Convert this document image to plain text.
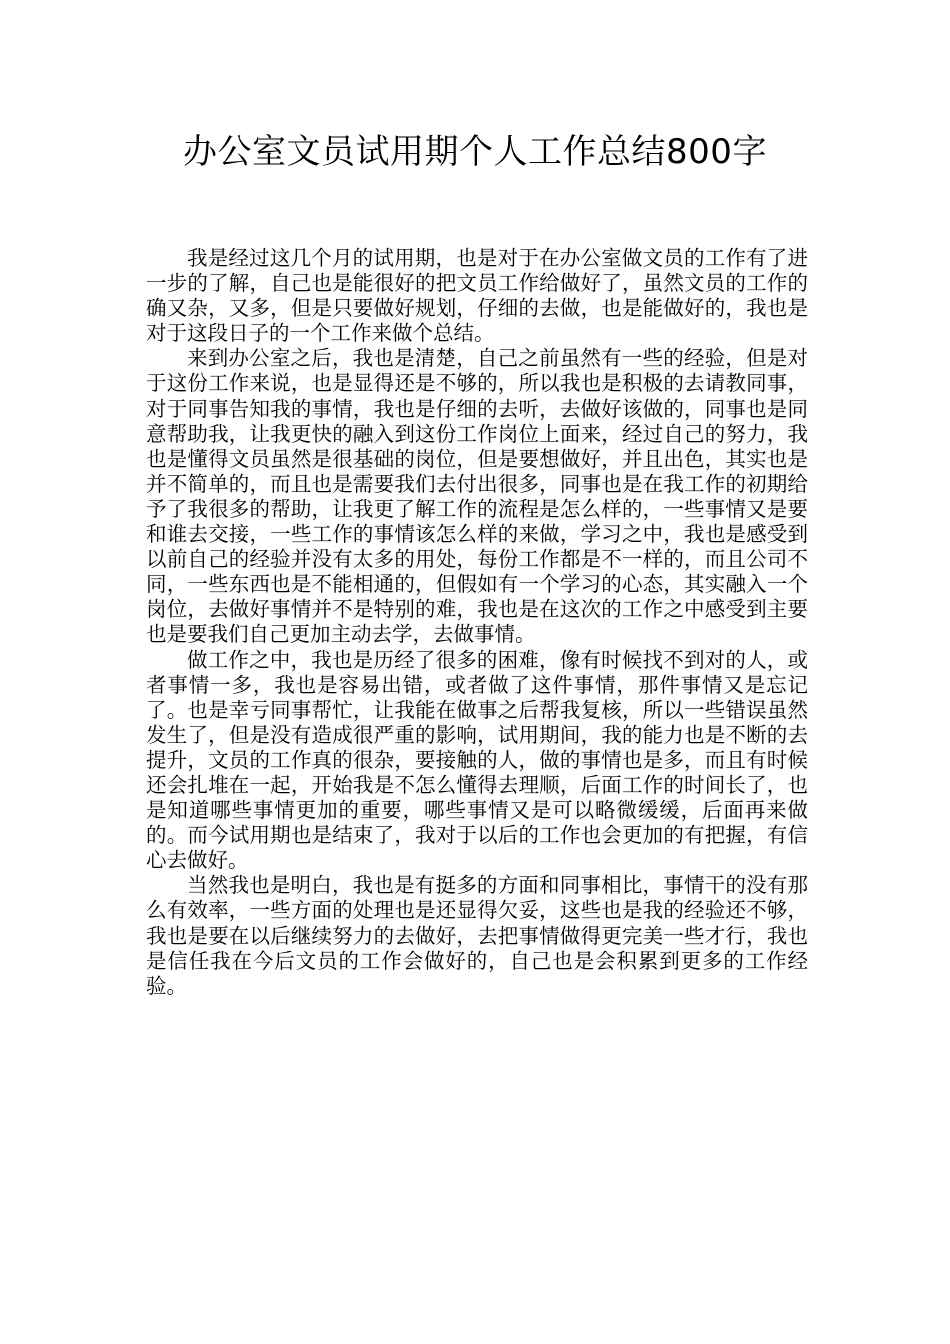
办公室文员试用期个人工作总结800字

我是经过这几个月的试用期，也是对于在办公室做文员的工作有了进一步的了解，自己也是能很好的把文员工作给做好了，虽然文员的工作的确又杂，又多，但是只要做好规划，仔细的去做，也是能做好的，我也是对于这段日子的一个工作来做个总结。

来到办公室之后，我也是清楚，自己之前虽然有一些的经验，但是对于这份工作来说，也是显得还是不够的，所以我也是积极的去请教同事，对于同事告知我的事情，我也是仔细的去听，去做好该做的，同事也是同意帮助我，让我更快的融入到这份工作岗位上面来，经过自己的努力，我也是懂得文员虽然是很基础的岗位，但是要想做好，并且出色，其实也是并不简单的，而且也是需要我们去付出很多，同事也是在我工作的初期给予了我很多的帮助，让我更了解工作的流程是怎么样的，一些事情又是要和谁去交接，一些工作的事情该怎么样的来做，学习之中，我也是感受到以前自己的经验并没有太多的用处，每份工作都是不一样的，而且公司不同，一些东西也是不能相通的，但假如有一个学习的心态，其实融入一个岗位，去做好事情并不是特别的难，我也是在这次的工作之中感受到主要也是要我们自己更加主动去学，去做事情。

做工作之中，我也是历经了很多的困难，像有时候找不到对的人，或者事情一多，我也是容易出错，或者做了这件事情，那件事情又是忘记了。也是幸亏同事帮忙，让我能在做事之后帮我复核，所以一些错误虽然发生了，但是没有造成很严重的影响，试用期间，我的能力也是不断的去提升，文员的工作真的很杂，要接触的人，做的事情也是多，而且有时候还会扎堆在一起，开始我是不怎么懂得去理顺，后面工作的时间长了，也是知道哪些事情更加的重要，哪些事情又是可以略微缓缓，后面再来做的。而今试用期也是结束了，我对于以后的工作也会更加的有把握，有信心去做好。

当然我也是明白，我也是有挺多的方面和同事相比，事情干的没有那么有效率，一些方面的处理也是还显得欠妥，这些也是我的经验还不够，我也是要在以后继续努力的去做好，去把事情做得更完美一些才行，我也是信任我在今后文员的工作会做好的，自己也是会积累到更多的工作经验。
